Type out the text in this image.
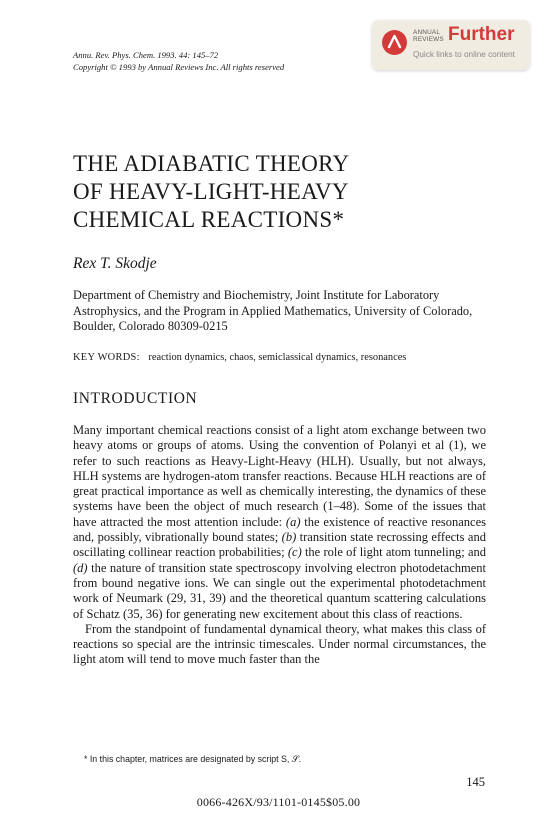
Annu. Rev. Phys. Chem. 1993. 44: 145–72
Copyright © 1993 by Annual Reviews Inc. All rights reserved
ANNUAL REVIEWS Further
Quick links to online content
THE ADIABATIC THEORY
OF HEAVY-LIGHT-HEAVY
CHEMICAL REACTIONS*
Rex T. Skodje
Department of Chemistry and Biochemistry, Joint Institute for Laboratory Astrophysics, and the Program in Applied Mathematics, University of Colorado, Boulder, Colorado 80309-0215
KEY WORDS: reaction dynamics, chaos, semiclassical dynamics, resonances
INTRODUCTION

Many important chemical reactions consist of a light atom exchange between two heavy atoms or groups of atoms. Using the convention of Polanyi et al (1), we refer to such reactions as Heavy-Light-Heavy (HLH). Usually, but not always, HLH systems are hydrogen-atom transfer reactions. Because HLH reactions are of great practical importance as well as chemically interesting, the dynamics of these systems have been the object of much research (1–48). Some of the issues that have attracted the most attention include: (a) the existence of reactive resonances and, possibly, vibrationally bound states; (b) transition state recrossing effects and oscillating collinear reaction probabilities; (c) the role of light atom tunneling; and (d) the nature of transition state spectroscopy involving electron photodetachment from bound negative ions. We can single out the experimental photodetachment work of Neumark (29, 31, 39) and the theoretical quantum scattering calculations of Schatz (35, 36) for generating new excitement about this class of reactions.

From the standpoint of fundamental dynamical theory, what makes this class of reactions so special are the intrinsic timescales. Under normal circumstances, the light atom will tend to move much faster than the

* In this chapter, matrices are designated by script S, 𝒮.
145
0066-426X/93/1101-0145$05.00
